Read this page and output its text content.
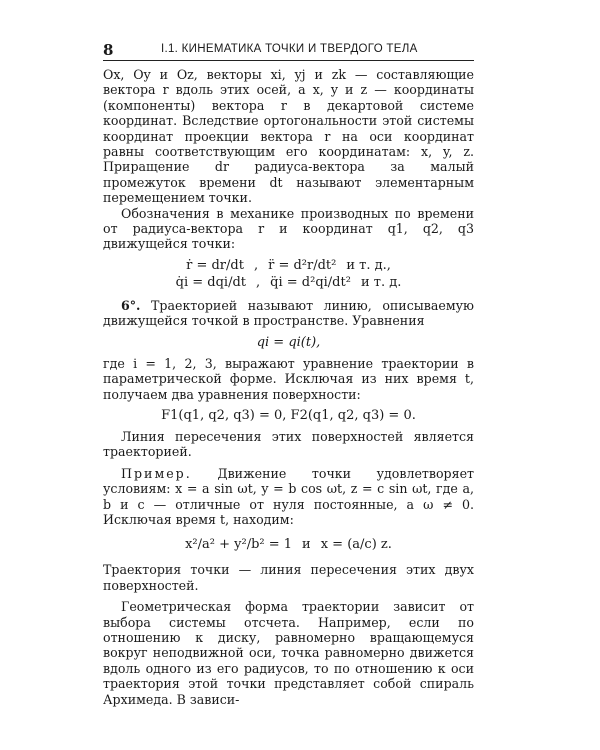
8	I.1. КИНЕМАТИКА ТОЧКИ И ТВЕРДОГО ТЕЛА

Ox, Oy и Oz, векторы xi, yj и zk — составляющие вектора r вдоль этих осей, а x, y и z — координаты (компоненты) вектора r в декартовой системе координат. Вследствие ортогональности этой системы координат проекции вектора r на оси координат равны соответствующим его координатам: x, y, z. Приращение dr радиуса-вектора за малый промежуток времени dt называют элементарным перемещением точки.

Обозначения в механике производных по времени от радиуса-вектора r и координат q1, q2, q3 движущейся точки:

ṙ = dr/dt , r̈ = d²r/dt² и т. д.,
q̇i = dqi/dt , q̈i = d²qi/dt² и т. д.

6°. Траекторией называют линию, описываемую движущейся точкой в пространстве. Уравнения

qi = qi(t),

где i = 1, 2, 3, выражают уравнение траектории в параметрической форме. Исключая из них время t, получаем два уравнения поверхности:

F1(q1, q2, q3) = 0, F2(q1, q2, q3) = 0.

Линия пересечения этих поверхностей является траекторией.

Пример. Движение точки удовлетворяет условиям: x = a sin ωt, y = b cos ωt, z = c sin ωt, где a, b и c — отличные от нуля постоянные, а ω ≠ 0. Исключая время t, находим:

x²/a² + y²/b² = 1 и x = (a/c) z.

Траектория точки — линия пересечения этих двух поверхностей.

Геометрическая форма траектории зависит от выбора системы отсчета. Например, если по отношению к диску, равномерно вращающемуся вокруг неподвижной оси, точка равномерно движется вдоль одного из его радиусов, то по отношению к оси траектория этой точки представляет собой спираль Архимеда. В зависи-
